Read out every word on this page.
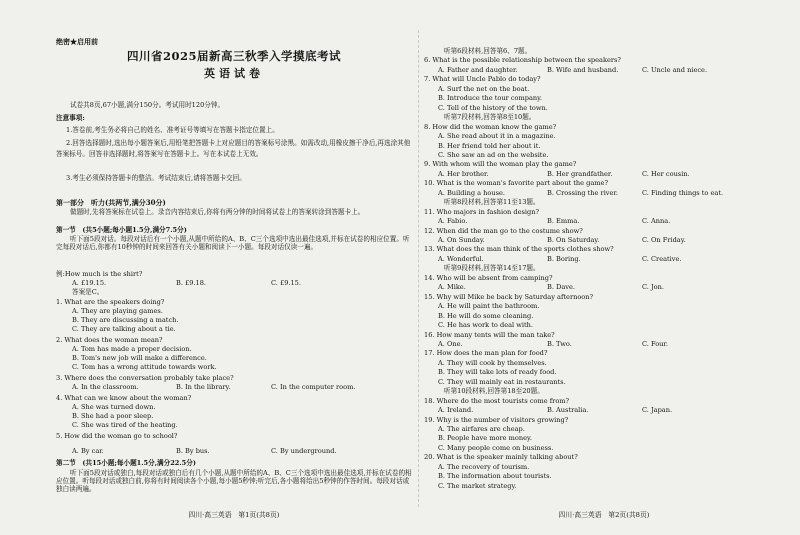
绝密★启用前
四川省2025届新高三秋季入学摸底考试
英语试卷
试卷共8页,67小题,满分150分。考试用时120分钟。
注意事项:
1.答卷前,考生务必将自己的姓名、准考证号等填写在答题卡指定位置上。
2.回答选择题时,选出每小题答案后,用铅笔把答题卡上对应题目的答案标号涂黑。如需改动,用橡皮擦干净后,再选涂其他答案标号。回答非选择题时,将答案写在答题卡上。写在本试卷上无效。
3.考生必须保持答题卡的整洁。考试结束后,请将答题卡交回。
第一部分　听力(共两节,满分30分)
做题时,先将答案标在试卷上。录音内容结束后,你将有两分钟的时间将试卷上的答案转涂到答题卡上。
第一节　(共5小题;每小题1.5分,满分7.5分)
听下面5段对话。每段对话后有一个小题,从题中所给的A、B、C三个选项中选出最佳选项,并标在试卷的相应位置。听完每段对话后,你都有10秒钟的时间来回答有关小题和阅读下一小题。每段对话仅读一遍。
例:How much is the shirt?
A. £19.15.	B. £9.18.	C. £9.15.
答案是C。
1. What are the speakers doing?
A. They are playing games.
B. They are discussing a match.
C. They are talking about a tie.
2. What does the woman mean?
A. Tom has made a proper decision.
B. Tom's new job will make a difference.
C. Tom has a wrong attitude towards work.
3. Where does the conversation probably take place?
A. In the classroom.	B. In the library.	C. In the computer room.
4. What can we know about the woman?
A. She was turned down.
B. She had a poor sleep.
C. She was tired of the heating.
5. How did the woman go to school?
A. By car.	B. By bus.	C. By underground.
第二节　(共15小题;每小题1.5分,满分22.5分)
听下面5段对话或独白,每段对话或独白后有几个小题,从题中所给的A、B、C三个选项中选出最佳选项,并标在试卷的相应位置。听每段对话或独白前,你将有时间阅读各个小题,每小题5秒钟;听完后,各小题将给出5秒钟的作答时间。每段对话或独白读两遍。
四川·高三英语　第1页(共8页)
听第6段材料,回答第6、7题。
6. What is the possible relationship between the speakers?
A. Father and daughter.	B. Wife and husband.	C. Uncle and niece.
7. What will Uncle Pablo do today?
A. Surf the net on the boat.
B. Introduce the tour company.
C. Tell of the history of the town.
听第7段材料,回答第8至10题。
8. How did the woman know the game?
A. She read about it in a magazine.
B. Her friend told her about it.
C. She saw an ad on the website.
9. With whom will the woman play the game?
A. Her brother.	B. Her grandfather.	C. Her cousin.
10. What is the woman's favorite part about the game?
A. Building a house.	B. Crossing the river.	C. Finding things to eat.
听第8段材料,回答第11至13题。
11. Who majors in fashion design?
A. Fabio.	B. Emma.	C. Anna.
12. When did the man go to the costume show?
A. On Sunday.	B. On Saturday.	C. On Friday.
13. What does the man think of the sports clothes show?
A. Wonderful.	B. Boring.	C. Creative.
听第9段材料,回答第14至17题。
14. Who will be absent from camping?
A. Mike.	B. Dave.	C. Jon.
15. Why will Mike be back by Saturday afternoon?
A. He will paint the bathroom.
B. He will do some cleaning.
C. He has work to deal with.
16. How many tents will the man take?
A. One.	B. Two.	C. Four.
17. How does the man plan for food?
A. They will cook by themselves.
B. They will take lots of ready food.
C. They will mainly eat in restaurants.
听第10段材料,回答第18至20题。
18. Where do the most tourists come from?
A. Ireland.	B. Australia.	C. Japan.
19. Why is the number of visitors growing?
A. The airfares are cheap.
B. People have more money.
C. Many people come on business.
20. What is the speaker mainly talking about?
A. The recovery of tourism.
B. The information about tourists.
C. The market strategy.
四川·高三英语　第2页(共8页)
